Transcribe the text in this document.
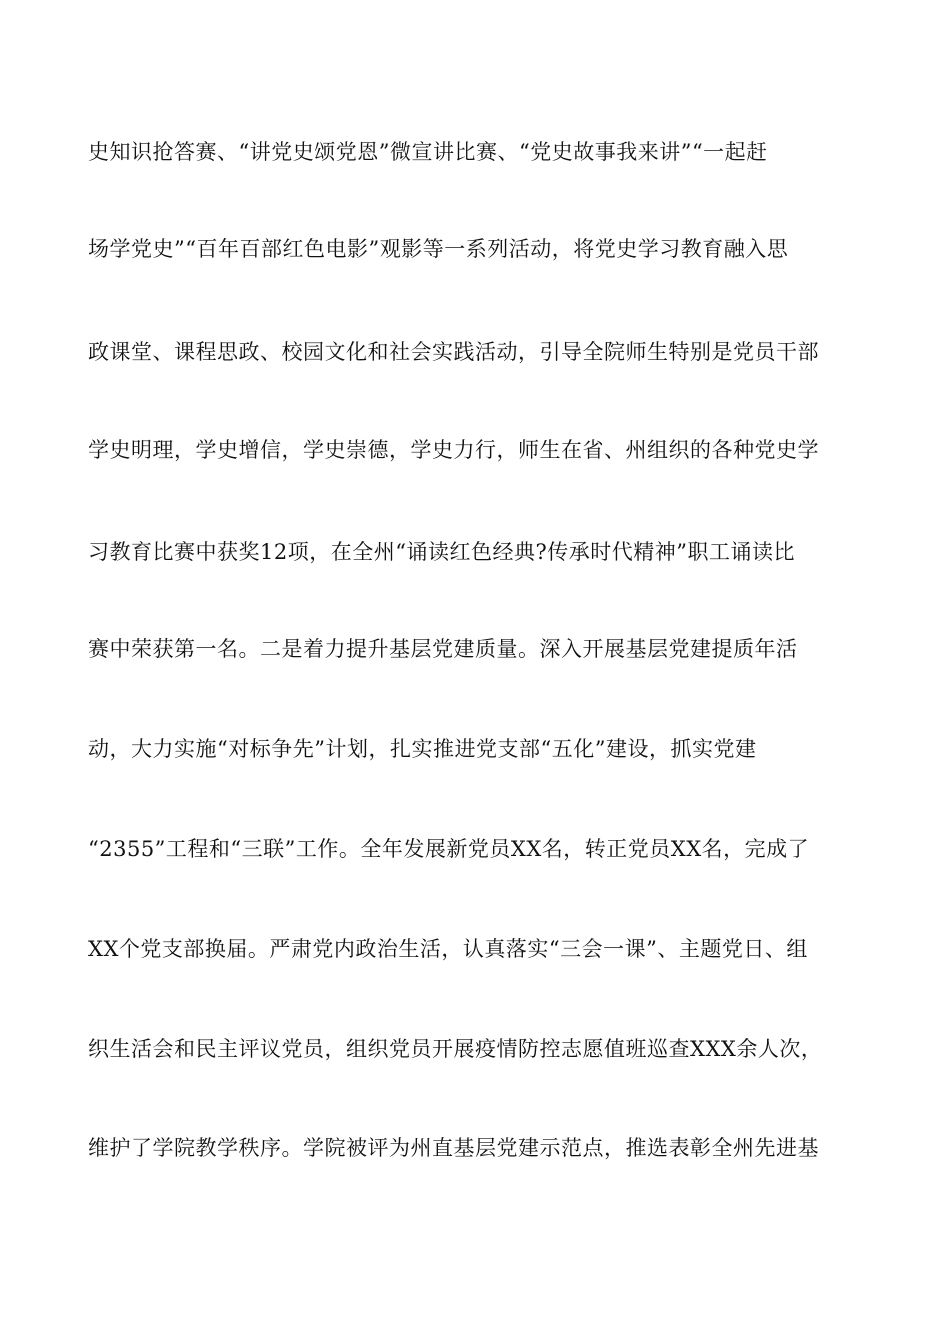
史知识抢答赛、“讲党史颂党恩”微宣讲比赛、“党史故事我来讲”“一起赶
场学党史”“百年百部红色电影”观影等一系列活动，将党史学习教育融入思
政课堂、课程思政、校园文化和社会实践活动，引导全院师生特别是党员干部
学史明理，学史增信，学史崇德，学史力行，师生在省、州组织的各种党史学
习教育比赛中获奖12项，在全州“诵读红色经典?传承时代精神”职工诵读比
赛中荣获第一名。二是着力提升基层党建质量。深入开展基层党建提质年活
动，大力实施“对标争先”计划，扎实推进党支部“五化”建设，抓实党建
“2355”工程和“三联”工作。全年发展新党员XX名，转正党员XX名，完成了
XX个党支部换届。严肃党内政治生活，认真落实“三会一课”、主题党日、组
织生活会和民主评议党员，组织党员开展疫情防控志愿值班巡查XXX余人次，
维护了学院教学秩序。学院被评为州直基层党建示范点，推选表彰全州先进基
